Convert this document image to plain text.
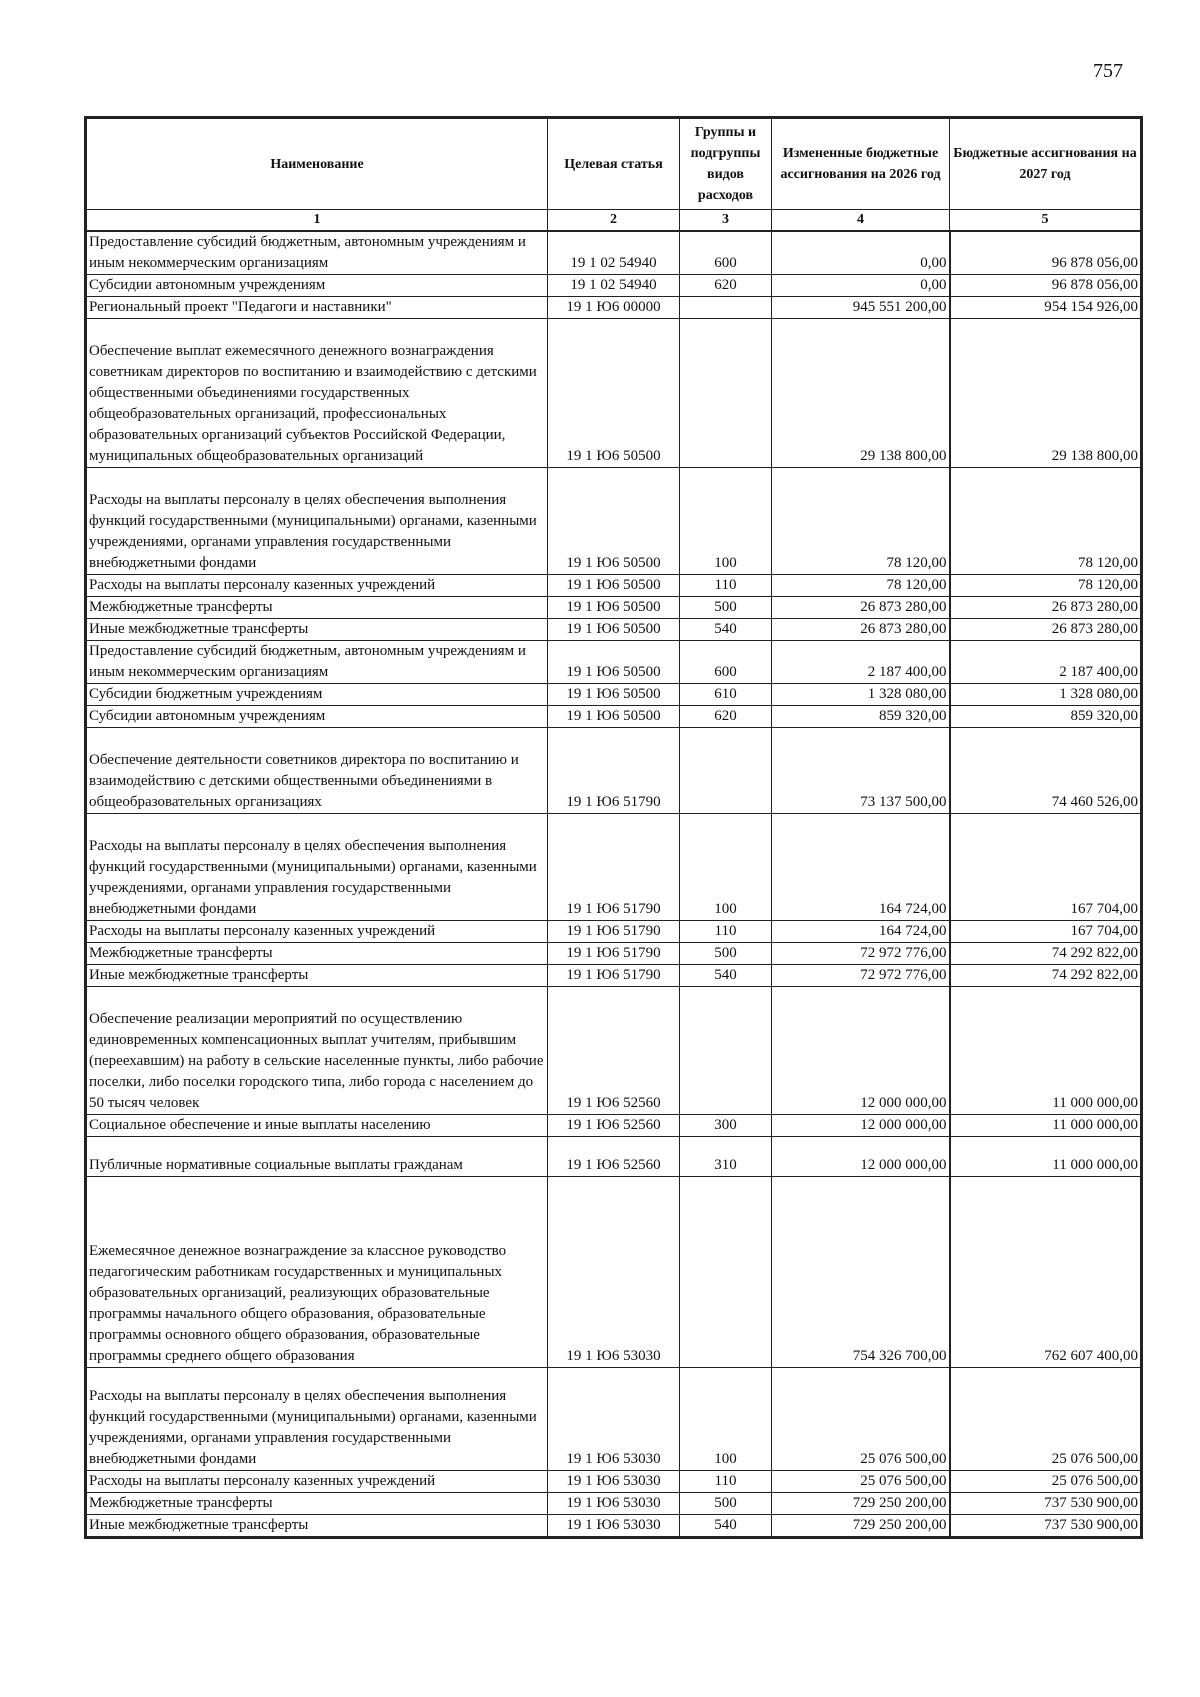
757
Наименование	Целевая статья	Группы и подгруппы видов расходов	Измененные бюджетные ассигнования на 2026 год	Бюджетные ассигнования на 2027 год
1	2	3	4	5
Предоставление субсидий бюджетным, автономным учреждениям и иным некоммерческим организациям	19 1 02 54940	600	0,00	96 878 056,00
Субсидии автономным учреждениям	19 1 02 54940	620	0,00	96 878 056,00
Региональный проект "Педагоги и наставники"	19 1 Ю6 00000		945 551 200,00	954 154 926,00
Обеспечение выплат ежемесячного денежного вознаграждения советникам директоров по воспитанию и взаимодействию с детскими общественными объединениями государственных общеобразовательных организаций, профессиональных образовательных организаций субъектов Российской Федерации, муниципальных общеобразовательных организаций	19 1 Ю6 50500		29 138 800,00	29 138 800,00
Расходы на выплаты персоналу в целях обеспечения выполнения функций государственными (муниципальными) органами, казенными учреждениями, органами управления государственными внебюджетными фондами	19 1 Ю6 50500	100	78 120,00	78 120,00
Расходы на выплаты персоналу казенных учреждений	19 1 Ю6 50500	110	78 120,00	78 120,00
Межбюджетные трансферты	19 1 Ю6 50500	500	26 873 280,00	26 873 280,00
Иные межбюджетные трансферты	19 1 Ю6 50500	540	26 873 280,00	26 873 280,00
Предоставление субсидий бюджетным, автономным учреждениям и иным некоммерческим организациям	19 1 Ю6 50500	600	2 187 400,00	2 187 400,00
Субсидии бюджетным учреждениям	19 1 Ю6 50500	610	1 328 080,00	1 328 080,00
Субсидии автономным учреждениям	19 1 Ю6 50500	620	859 320,00	859 320,00
Обеспечение деятельности советников директора по воспитанию и взаимодействию с детскими общественными объединениями в общеобразовательных организациях	19 1 Ю6 51790		73 137 500,00	74 460 526,00
Расходы на выплаты персоналу в целях обеспечения выполнения функций государственными (муниципальными) органами, казенными учреждениями, органами управления государственными внебюджетными фондами	19 1 Ю6 51790	100	164 724,00	167 704,00
Расходы на выплаты персоналу казенных учреждений	19 1 Ю6 51790	110	164 724,00	167 704,00
Межбюджетные трансферты	19 1 Ю6 51790	500	72 972 776,00	74 292 822,00
Иные межбюджетные трансферты	19 1 Ю6 51790	540	72 972 776,00	74 292 822,00
Обеспечение реализации мероприятий по осуществлению единовременных компенсационных выплат учителям, прибывшим (переехавшим) на работу в сельские населенные пункты, либо рабочие поселки, либо поселки городского типа, либо города с населением до 50 тысяч человек	19 1 Ю6 52560		12 000 000,00	11 000 000,00
Социальное обеспечение и иные выплаты населению	19 1 Ю6 52560	300	12 000 000,00	11 000 000,00
Публичные нормативные социальные выплаты гражданам	19 1 Ю6 52560	310	12 000 000,00	11 000 000,00
Ежемесячное денежное вознаграждение за классное руководство педагогическим работникам государственных и муниципальных образовательных организаций, реализующих образовательные программы начального общего образования, образовательные программы основного общего образования, образовательные программы среднего общего образования	19 1 Ю6 53030		754 326 700,00	762 607 400,00
Расходы на выплаты персоналу в целях обеспечения выполнения функций государственными (муниципальными) органами, казенными учреждениями, органами управления государственными внебюджетными фондами	19 1 Ю6 53030	100	25 076 500,00	25 076 500,00
Расходы на выплаты персоналу казенных учреждений	19 1 Ю6 53030	110	25 076 500,00	25 076 500,00
Межбюджетные трансферты	19 1 Ю6 53030	500	729 250 200,00	737 530 900,00
Иные межбюджетные трансферты	19 1 Ю6 53030	540	729 250 200,00	737 530 900,00
